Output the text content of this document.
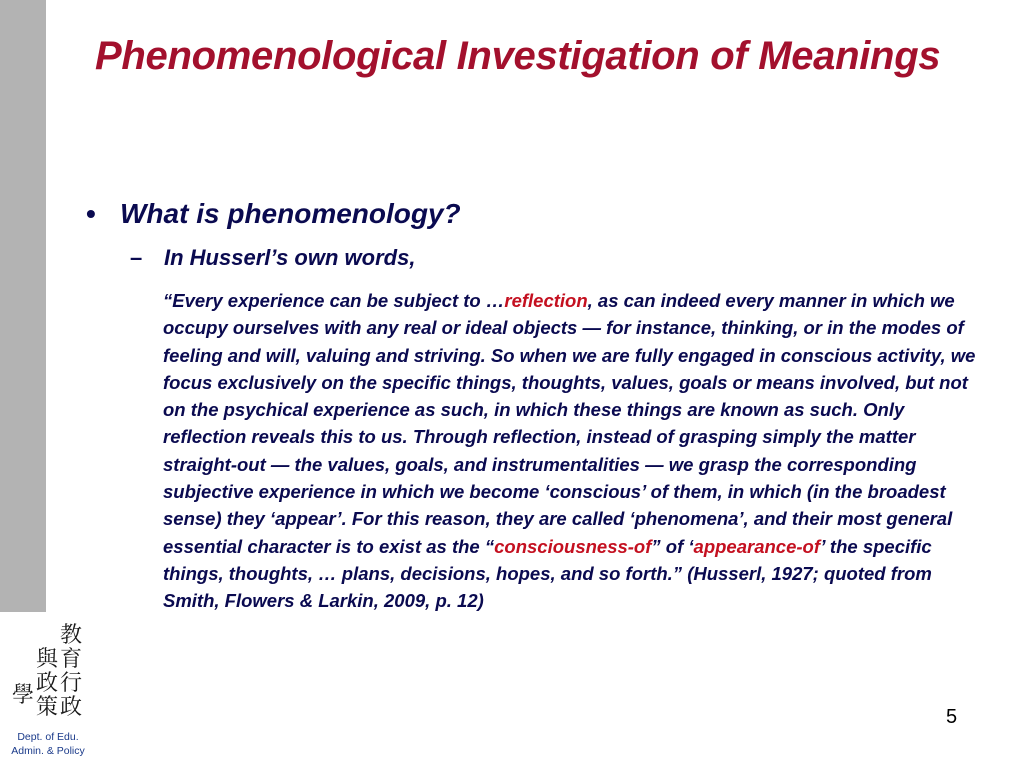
Phenomenological Investigation of Meanings
• What is phenomenology?
– In Husserl’s own words,
“Every experience can be subject to …reflection, as can indeed every manner in which we occupy ourselves with any real or ideal objects — for instance, thinking, or in the modes of feeling and will, valuing and striving. So when we are fully engaged in conscious activity, we focus exclusively on the specific things, thoughts, values, goals or means involved, but not on the psychical experience as such, in which these things are known as such. Only reflection reveals this to us. Through reflection, instead of grasping simply the matter straight-out — the values, goals, and instrumentalities — we grasp the corresponding subjective experience in which we become ‘conscious’ of them, in which (in the broadest sense) they ‘appear’. For this reason, they are called ‘phenomena’, and their most general essential character is to exist as the “consciousness-of” of ‘appearance-of’ the specific things, thoughts, … plans, decisions, hopes, and so forth.” (Husserl, 1927; quoted from Smith, Flowers & Larkin, 2009, p. 12)
5
教
育
與
行
政
學 策 政
Dept. of Edu.
Admin. & Policy
